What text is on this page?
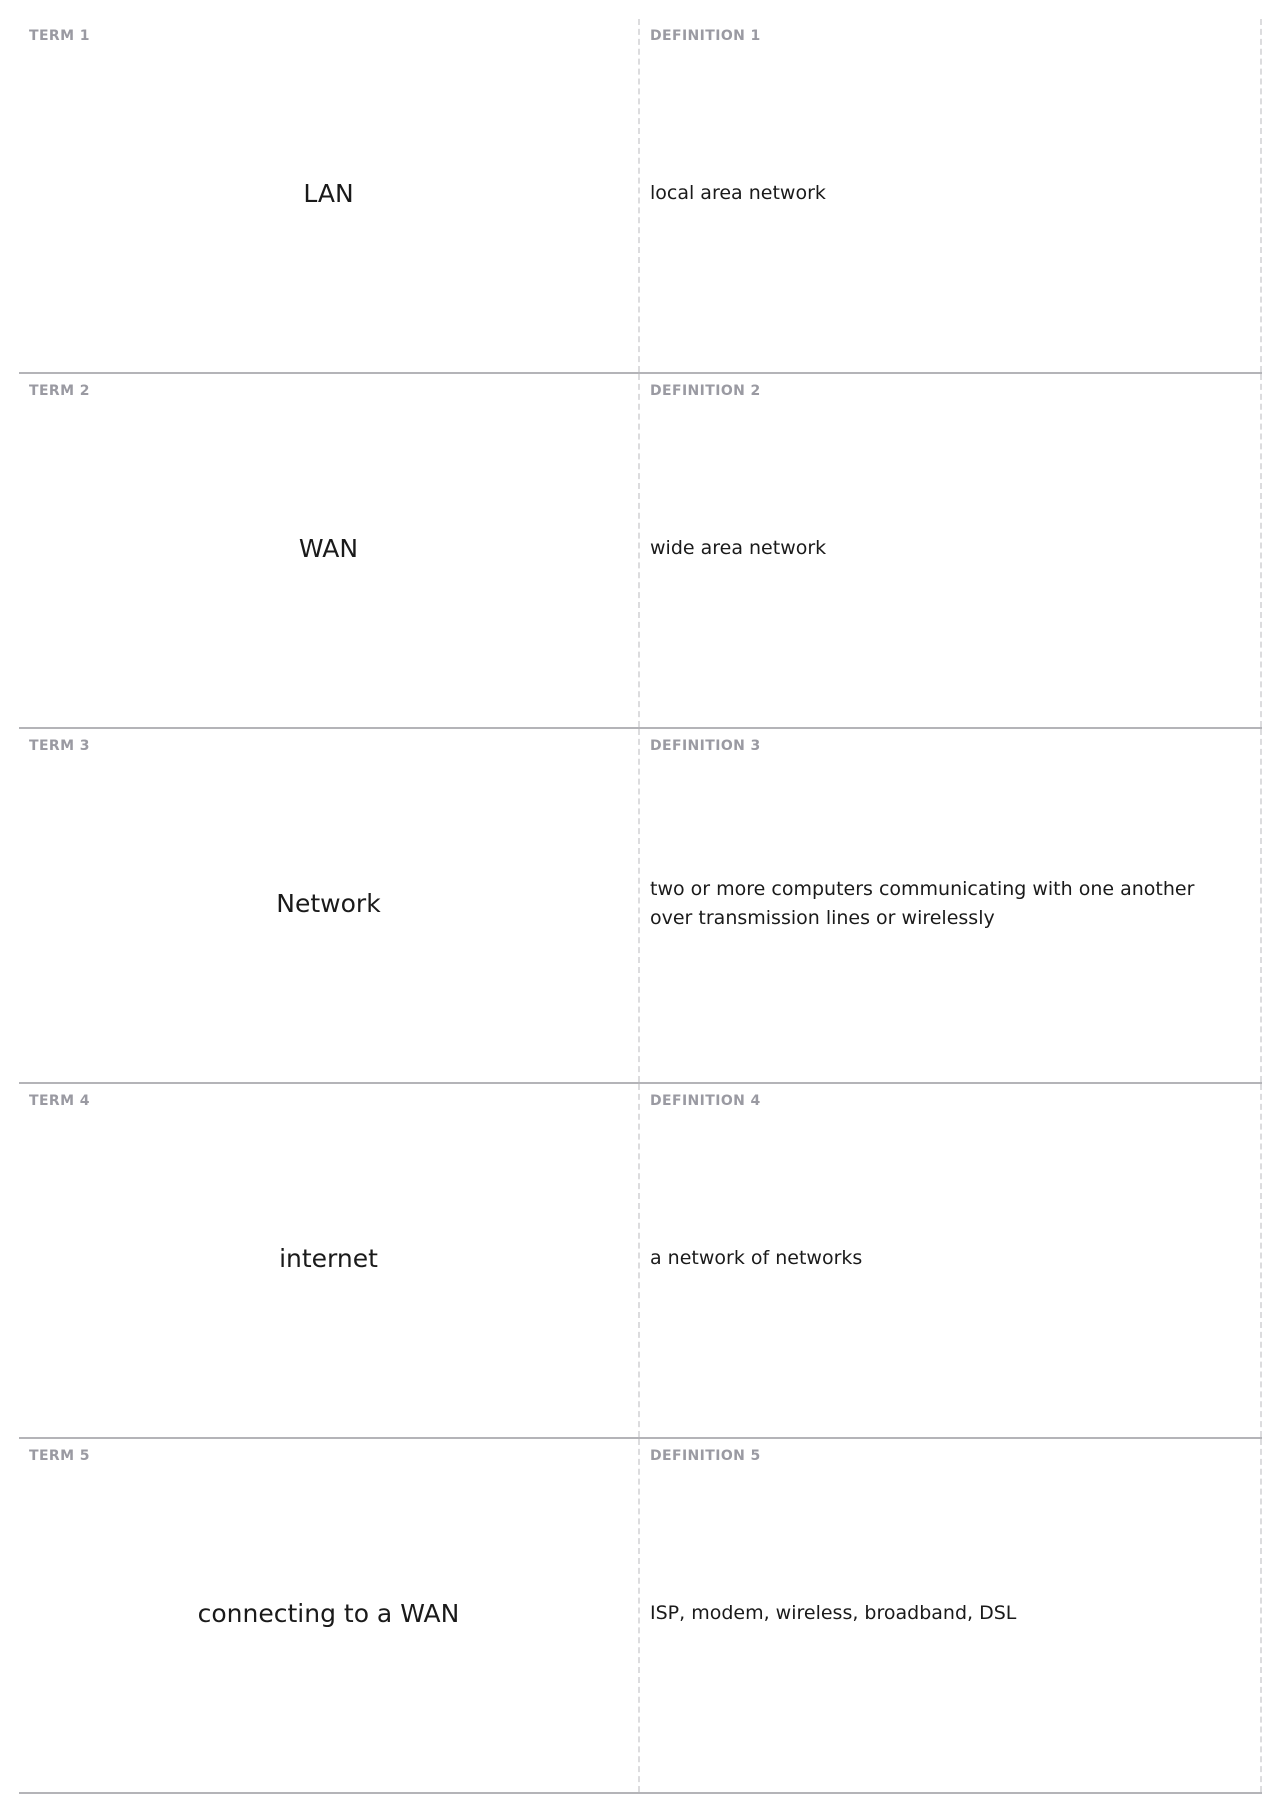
TERM 1
LAN
DEFINITION 1
local area network
TERM 2
WAN
DEFINITION 2
wide area network
TERM 3
Network
DEFINITION 3
two or more computers communicating with one another over transmission lines or wirelessly
TERM 4
internet
DEFINITION 4
a network of networks
TERM 5
connecting to a WAN
DEFINITION 5
ISP, modem, wireless, broadband, DSL
